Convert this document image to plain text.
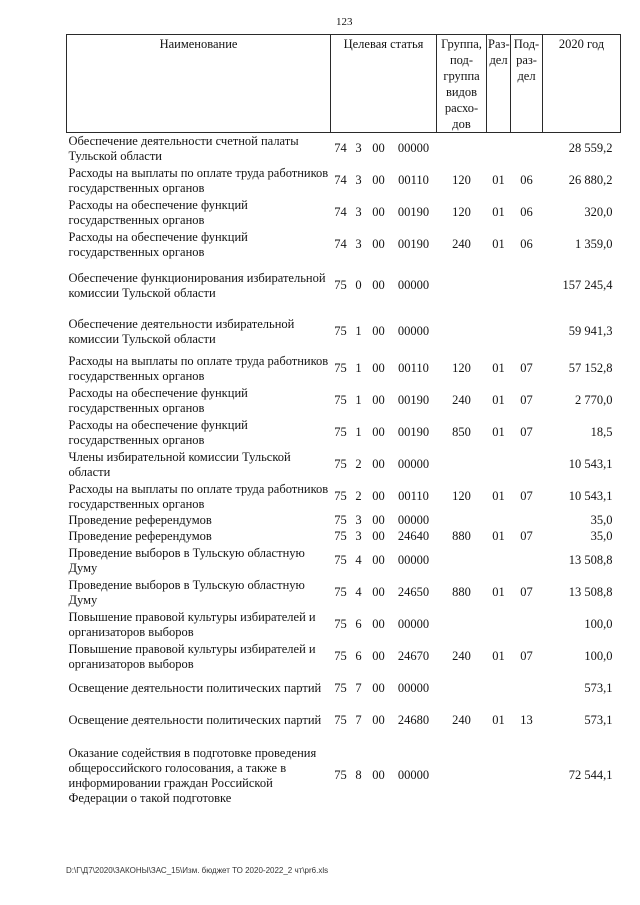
123
Наименование	Целевая статья				Группа, под-группа видов расхо-дов	Раз-дел	Под-раз-дел	2020 год
Обеспечение деятельности счетной палаты Тульской области	74	3	00	00000				28 559,2
Расходы на выплаты по оплате труда работников государственных органов	74	3	00	00110	120	01	06	26 880,2
Расходы на обеспечение функций государственных органов	74	3	00	00190	120	01	06	320,0
Расходы на обеспечение функций государственных органов	74	3	00	00190	240	01	06	1 359,0
Обеспечение функционирования избирательной комиссии Тульской области	75	0	00	00000				157 245,4
Обеспечение деятельности избирательной комиссии Тульской области	75	1	00	00000				59 941,3
Расходы на выплаты по оплате труда работников государственных органов	75	1	00	00110	120	01	07	57 152,8
Расходы на обеспечение функций государственных органов	75	1	00	00190	240	01	07	2 770,0
Расходы на обеспечение функций государственных органов	75	1	00	00190	850	01	07	18,5
Члены избирательной комиссии Тульской области	75	2	00	00000				10 543,1
Расходы на выплаты по оплате труда работников государственных органов	75	2	00	00110	120	01	07	10 543,1
Проведение референдумов	75	3	00	00000				35,0
Проведение референдумов	75	3	00	24640	880	01	07	35,0
Проведение выборов в Тульскую областную Думу	75	4	00	00000				13 508,8
Проведение выборов в Тульскую областную Думу	75	4	00	24650	880	01	07	13 508,8
Повышение правовой культуры избирателей и организаторов выборов	75	6	00	00000				100,0
Повышение правовой культуры избирателей и организаторов выборов	75	6	00	24670	240	01	07	100,0
Освещение деятельности политических партий	75	7	00	00000				573,1
Освещение деятельности политических партий	75	7	00	24680	240	01	13	573,1
Оказание содействия в подготовке проведения общероссийского голосования, а также в информировании граждан Российской Федерации о такой подготовке	75	8	00	00000				72 544,1
D:\Г\Д7\2020\ЗАКОНЫ\ЗАС_15\Изм. бюджет ТО 2020-2022_2 чт\pr6.xls
